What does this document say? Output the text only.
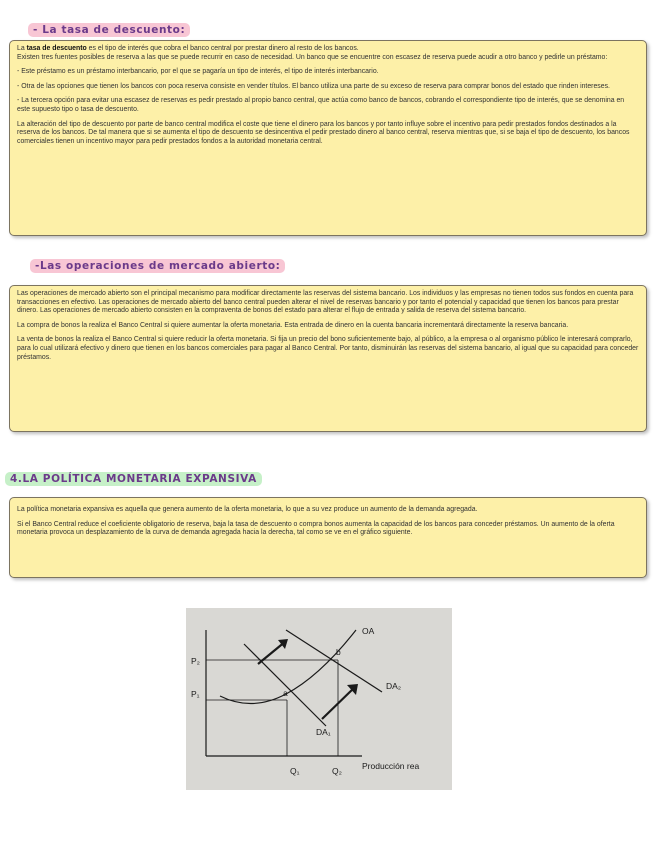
- La tasa de descuento:

La tasa de descuento es el tipo de interés que cobra el banco central por prestar dinero al resto de los bancos.
Existen tres fuentes posibles de reserva a las que se puede recurrir en caso de necesidad. Un banco que se encuentre con escasez de reserva puede acudir a otro banco y pedirle un préstamo:

- Este préstamo es un préstamo interbancario, por el que se pagaría un tipo de interés, el tipo de interés interbancario.

- Otra de las opciones que tienen los bancos con poca reserva consiste en vender títulos. El banco utiliza una parte de su exceso de reserva para comprar bonos del estado que rinden intereses.

- La tercera opción para evitar una escasez de reservas es pedir prestado al propio banco central, que actúa como banco de bancos, cobrando el correspondiente tipo de interés, que se denomina en este supuesto tipo o tasa de descuento.

La alteración del tipo de descuento por parte de banco central modifica el coste que tiene el dinero para los bancos y por tanto influye sobre el incentivo para pedir prestados fondos destinados a la reserva de los bancos. De tal manera que si se aumenta el tipo de descuento se desincentiva el pedir prestado dinero al banco central, reserva mientras que, si se baja el tipo de descuento, los bancos comerciales tienen un incentivo mayor para pedir prestados fondos a la autoridad monetaria central.

-Las operaciones de mercado abierto:

Las operaciones de mercado abierto son el principal mecanismo para modificar directamente las reservas del sistema bancario. Los individuos y las empresas no tienen todos sus fondos en cuenta para transacciones en efectivo. Las operaciones de mercado abierto del banco central pueden alterar el nivel de reservas bancario y por tanto el potencial y capacidad que tienen los bancos para prestar dinero. Las operaciones de mercado abierto consisten en la compraventa de bonos del estado para alterar el flujo de entrada y salida de reserva del sistema bancario.

La compra de bonos la realiza el Banco Central si quiere aumentar la oferta monetaria. Esta entrada de dinero en la cuenta bancaria incrementará directamente la reserva bancaria.

La venta de bonos la realiza el Banco Central si quiere reducir la oferta monetaria. Si fija un precio del bono suficientemente bajo, al público, a la empresa o al organismo público le interesará comprarlo, para lo cual utilizará efectivo y dinero que tienen en los bancos comerciales para pagar al Banco Central. Por tanto, disminuirán las reservas del sistema bancario, al igual que su capacidad para conceder préstamos.

4.LA POLÍTICA MONETARIA EXPANSIVA

La política monetaria expansiva es aquella que genera aumento de la oferta monetaria, lo que a su vez produce un aumento de la demanda agregada.

Si el Banco Central reduce el coeficiente obligatorio de reserva, baja la tasa de descuento o compra bonos aumenta la capacidad de los bancos para conceder préstamos. Un aumento de la oferta monetaria provoca un desplazamiento de la curva de demanda agregada hacia la derecha, tal como se ve en el gráfico siguiente.

OA
DA₂
DA₁
P₂
P₁	a
b
Q₁	Q₂ Producción rea
